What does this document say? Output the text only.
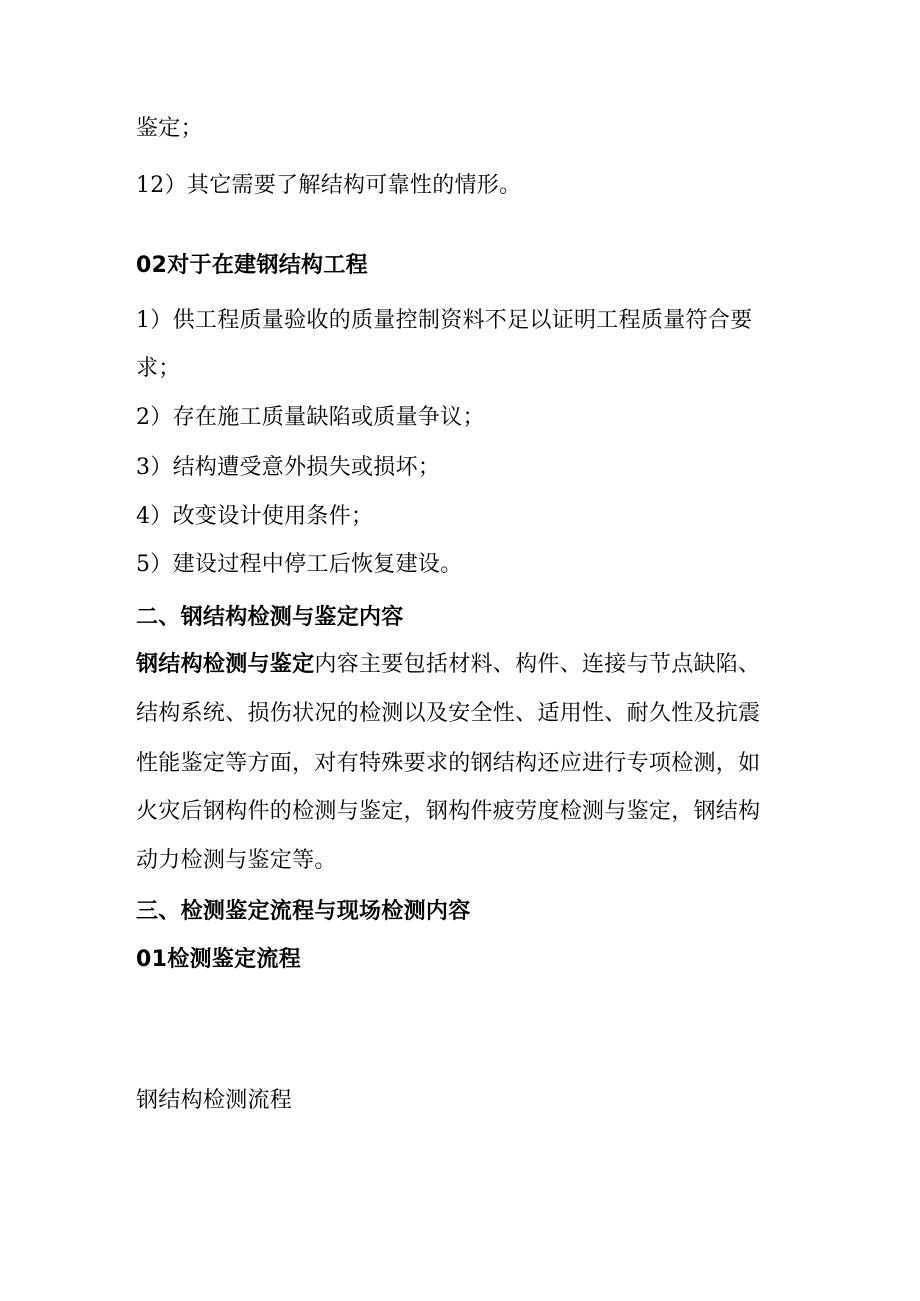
鉴定；
12）其它需要了解结构可靠性的情形。
02对于在建钢结构工程
1）供工程质量验收的质量控制资料不足以证明工程质量符合要
求；
2）存在施工质量缺陷或质量争议；
3）结构遭受意外损失或损坏；
4）改变设计使用条件；
5）建设过程中停工后恢复建设。
二、钢结构检测与鉴定内容
钢结构检测与鉴定内容主要包括材料、构件、连接与节点缺陷、
结构系统、损伤状况的检测以及安全性、适用性、耐久性及抗震
性能鉴定等方面，对有特殊要求的钢结构还应进行专项检测，如
火灾后钢构件的检测与鉴定，钢构件疲劳度检测与鉴定，钢结构
动力检测与鉴定等。
三、检测鉴定流程与现场检测内容
01检测鉴定流程
钢结构检测流程
